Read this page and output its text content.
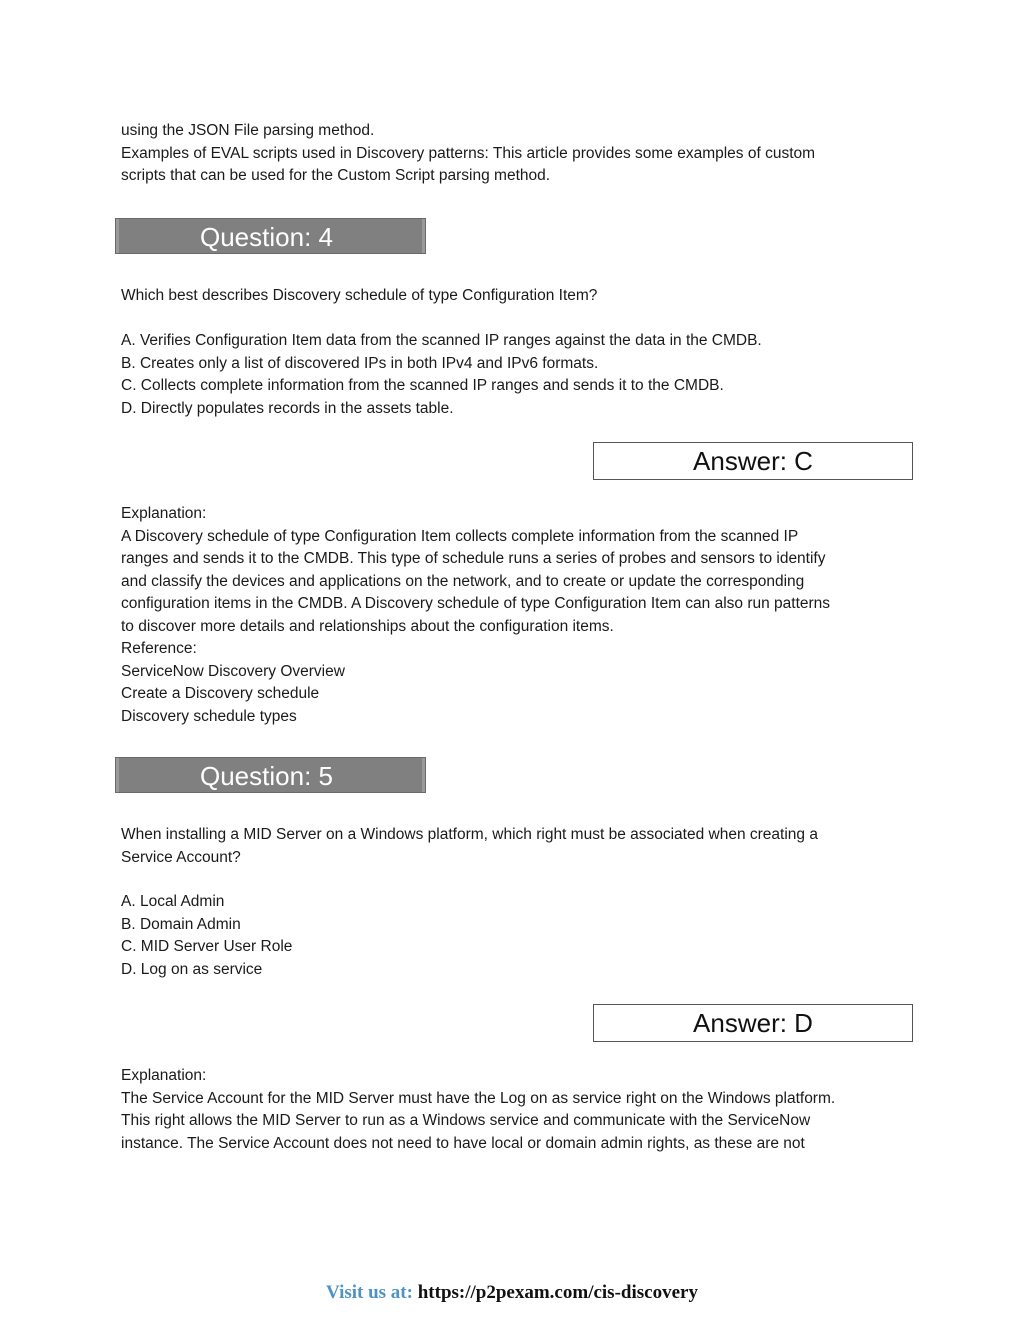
using the JSON File parsing method.
Examples of EVAL scripts used in Discovery patterns: This article provides some examples of custom
scripts that can be used for the Custom Script parsing method.
Question: 4
Which best describes Discovery schedule of type Configuration Item?
A. Verifies Configuration Item data from the scanned IP ranges against the data in the CMDB.
B. Creates only a list of discovered IPs in both IPv4 and IPv6 formats.
C. Collects complete information from the scanned IP ranges and sends it to the CMDB.
D. Directly populates records in the assets table.
Answer: C
Explanation:
A Discovery schedule of type Configuration Item collects complete information from the scanned IP
ranges and sends it to the CMDB. This type of schedule runs a series of probes and sensors to identify
and classify the devices and applications on the network, and to create or update the corresponding
configuration items in the CMDB. A Discovery schedule of type Configuration Item can also run patterns
to discover more details and relationships about the configuration items.
Reference:
ServiceNow Discovery Overview
Create a Discovery schedule
Discovery schedule types
Question: 5
When installing a MID Server on a Windows platform, which right must be associated when creating a
Service Account?
A. Local Admin
B. Domain Admin
C. MID Server User Role
D. Log on as service
Answer: D
Explanation:
The Service Account for the MID Server must have the Log on as service right on the Windows platform.
This right allows the MID Server to run as a Windows service and communicate with the ServiceNow
instance. The Service Account does not need to have local or domain admin rights, as these are not
Visit us at: https://p2pexam.com/cis-discovery
